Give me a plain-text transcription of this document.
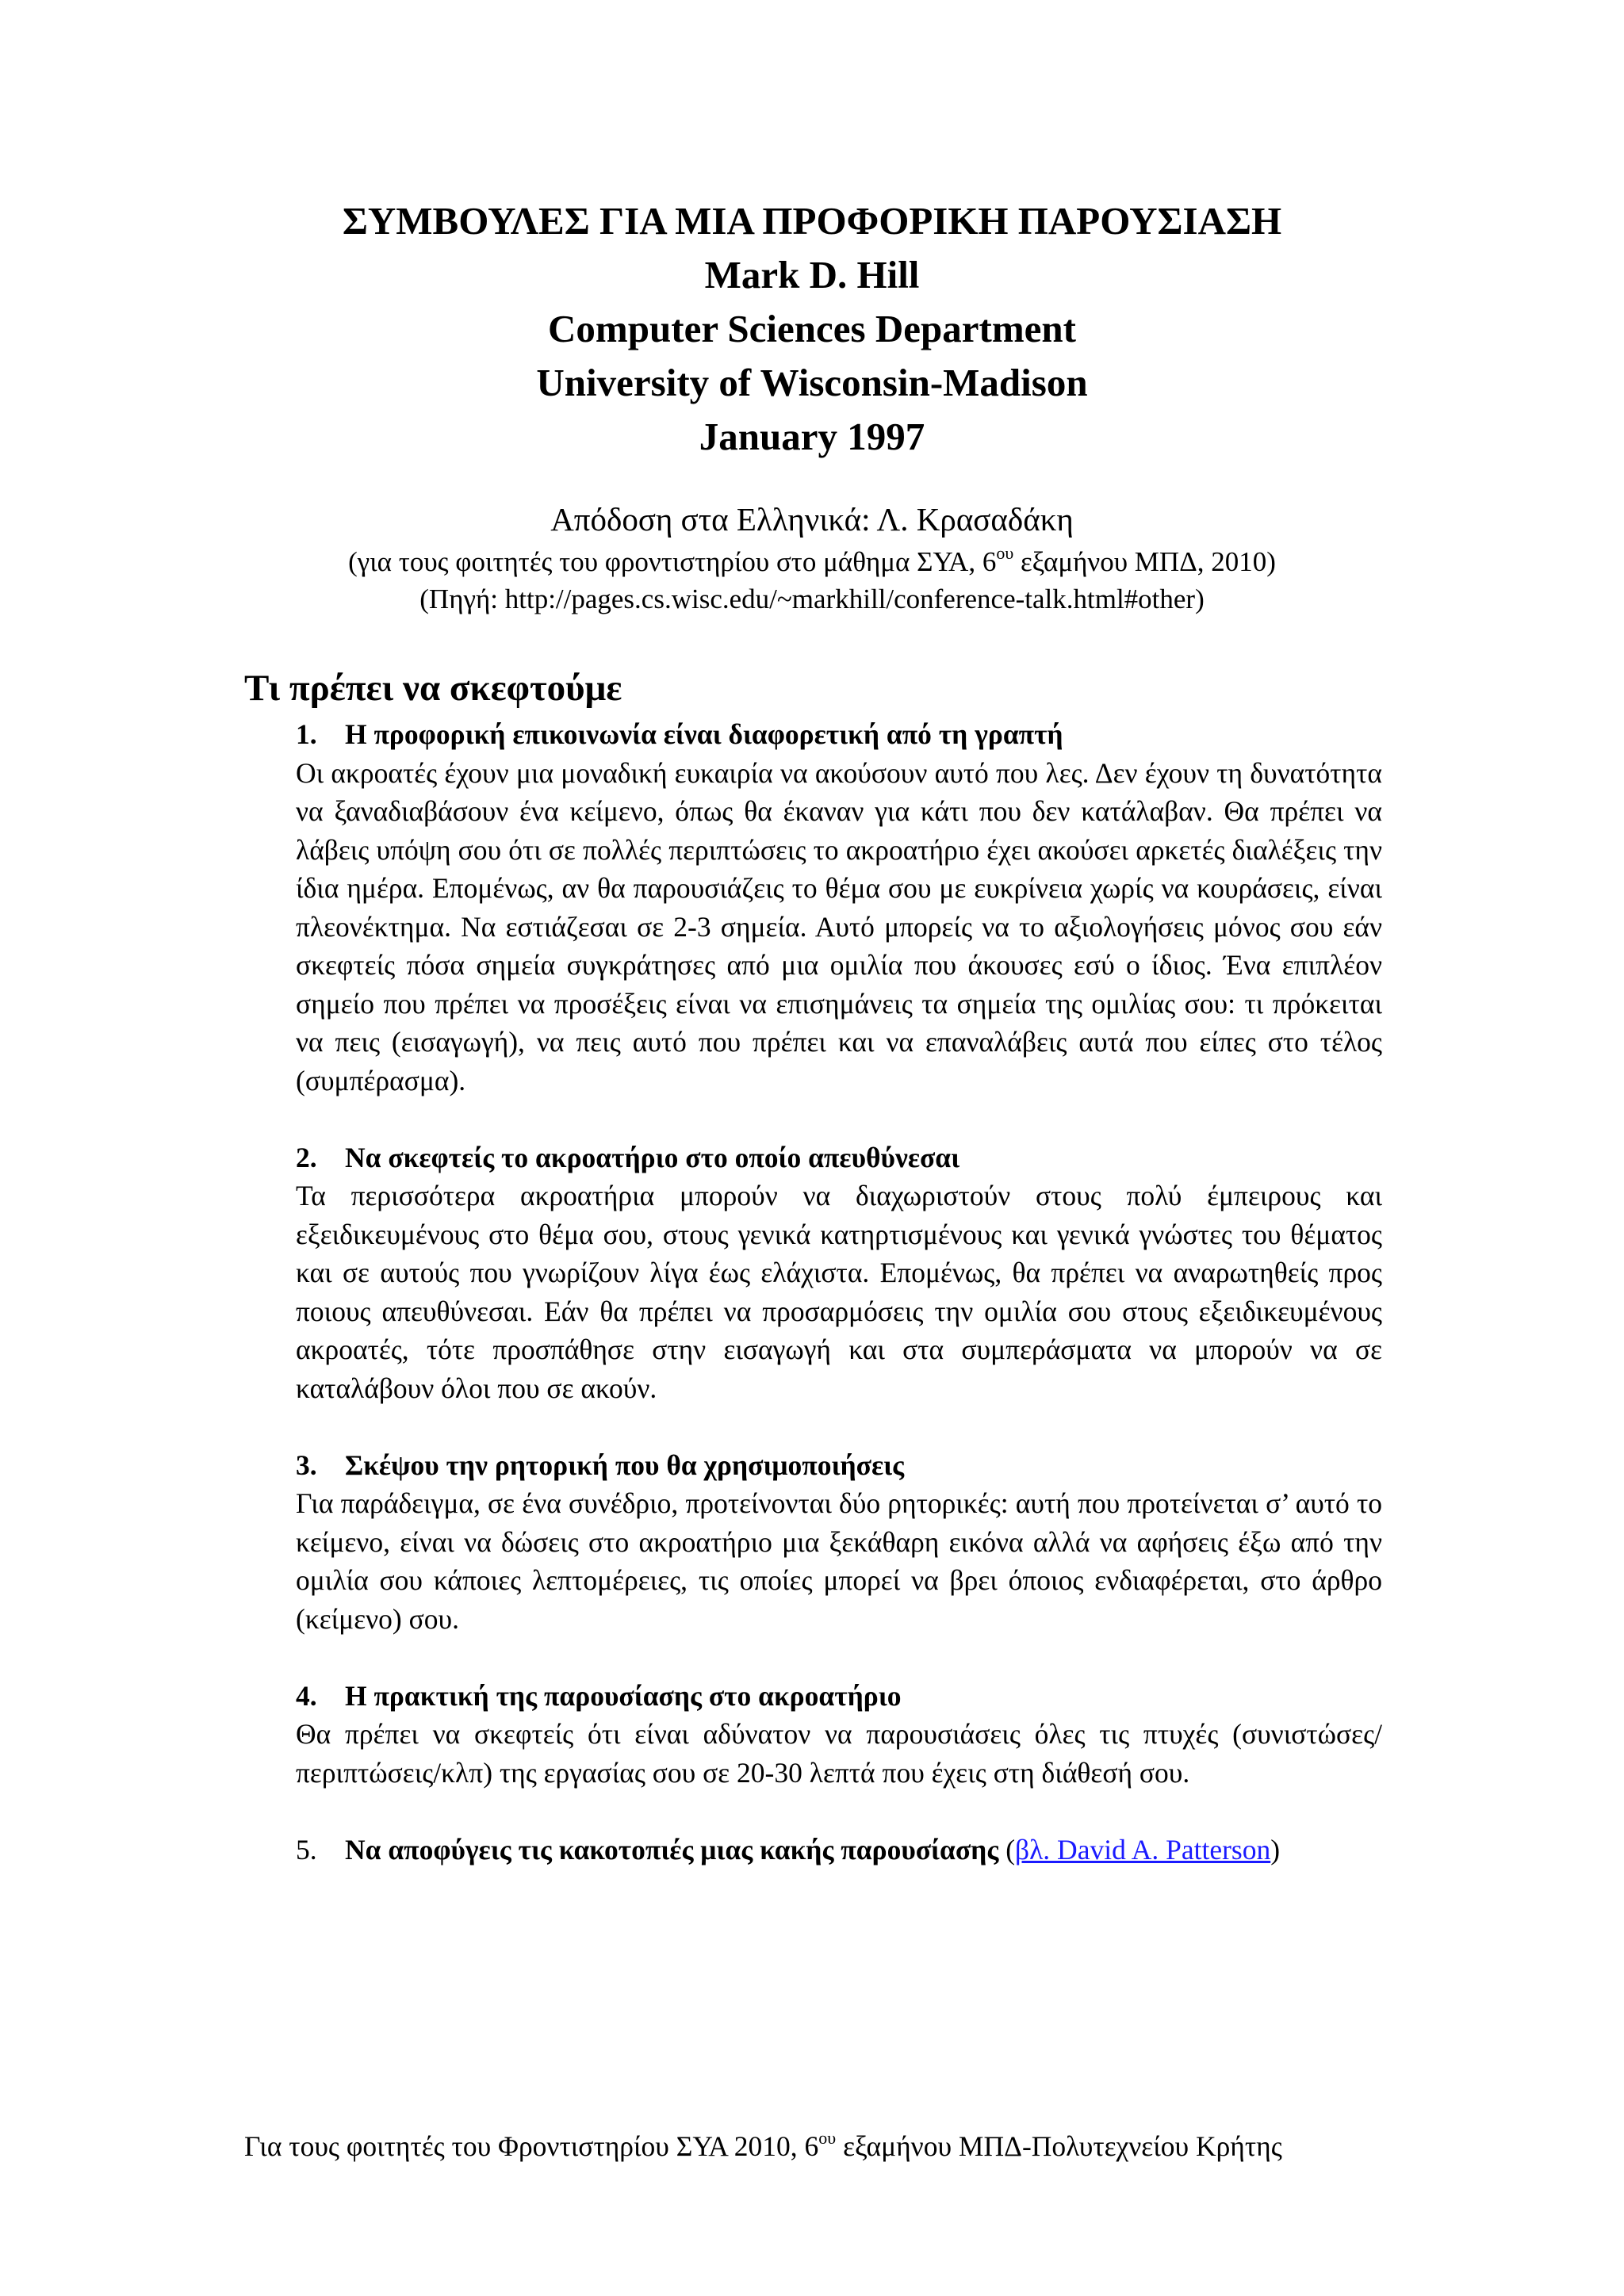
ΣΥΜΒΟΥΛΕΣ ΓΙΑ ΜΙΑ ΠΡΟΦΟΡΙΚΗ ΠΑΡΟΥΣΙΑΣΗ
Mark D. Hill
Computer Sciences Department
University of Wisconsin-Madison
January 1997
Απόδοση στα Ελληνικά: Λ. Κρασαδάκη
(για τους φοιτητές του φροντιστηρίου στο μάθημα ΣΥΑ, $6^{o\upsilon}$ εξαμήνου ΜΠΔ, 2010)
(Πηγή: http://pages.cs.wisc.edu/~markhill/conference-talk.html#other)
Τι πρέπει να σκεφτούμε
1. Η προφορική επικοινωνία είναι διαφορετική από τη γραπτή
Οι ακροατές έχουν μια μοναδική ευκαιρία να ακούσουν αυτό που λες. Δεν έχουν τη δυνατότητα να ξαναδιαβάσουν ένα κείμενο, όπως θα έκαναν για κάτι που δεν κατάλαβαν. Θα πρέπει να λάβεις υπόψη σου ότι σε πολλές περιπτώσεις το ακροατήριο έχει ακούσει αρκετές διαλέξεις την ίδια ημέρα. Επομένως, αν θα παρουσιάζεις το θέμα σου με ευκρίνεια χωρίς να κουράσεις, είναι πλεονέκτημα. Να εστιάζεσαι σε 2-3 σημεία. Αυτό μπορείς να το αξιολογήσεις μόνος σου εάν σκεφτείς πόσα σημεία συγκράτησες από μια ομιλία που άκουσες εσύ ο ίδιος. Ένα επιπλέον σημείο που πρέπει να προσέξεις είναι να επισημάνεις τα σημεία της ομιλίας σου: τι πρόκειται να πεις (εισαγωγή), να πεις αυτό που πρέπει και να επαναλάβεις αυτά που είπες στο τέλος (συμπέρασμα).
2. Να σκεφτείς το ακροατήριο στο οποίο απευθύνεσαι
Τα περισσότερα ακροατήρια μπορούν να διαχωριστούν στους πολύ έμπειρους και εξειδικευμένους στο θέμα σου, στους γενικά κατηρτισμένους και γενικά γνώστες του θέματος και σε αυτούς που γνωρίζουν λίγα έως ελάχιστα. Επομένως, θα πρέπει να αναρωτηθείς προς ποιους απευθύνεσαι. Εάν θα πρέπει να προσαρμόσεις την ομιλία σου στους εξειδικευμένους ακροατές, τότε προσπάθησε στην εισαγωγή και στα συμπεράσματα να μπορούν να σε καταλάβουν όλοι που σε ακούν.
3. Σκέψου την ρητορική που θα χρησιμοποιήσεις
Για παράδειγμα, σε ένα συνέδριο, προτείνονται δύο ρητορικές: αυτή που προτείνεται σ’ αυτό το κείμενο, είναι να δώσεις στο ακροατήριο μια ξεκάθαρη εικόνα αλλά να αφήσεις έξω από την ομιλία σου κάποιες λεπτομέρειες, τις οποίες μπορεί να βρει όποιος ενδιαφέρεται, στο άρθρο (κείμενο) σου.
4. Η πρακτική της παρουσίασης στο ακροατήριο
Θα πρέπει να σκεφτείς ότι είναι αδύνατον να παρουσιάσεις όλες τις πτυχές (συνιστώσες/περιπτώσεις/κλπ) της εργασίας σου σε 20-30 λεπτά που έχεις στη διάθεσή σου.
5. Να αποφύγεις τις κακοτοπιές μιας κακής παρουσίασης (βλ. David A. Patterson)
Για τους φοιτητές του Φροντιστηρίου ΣΥΑ 2010, $6^{o\upsilon}$ εξαμήνου ΜΠΔ-Πολυτεχνείου Κρήτης
